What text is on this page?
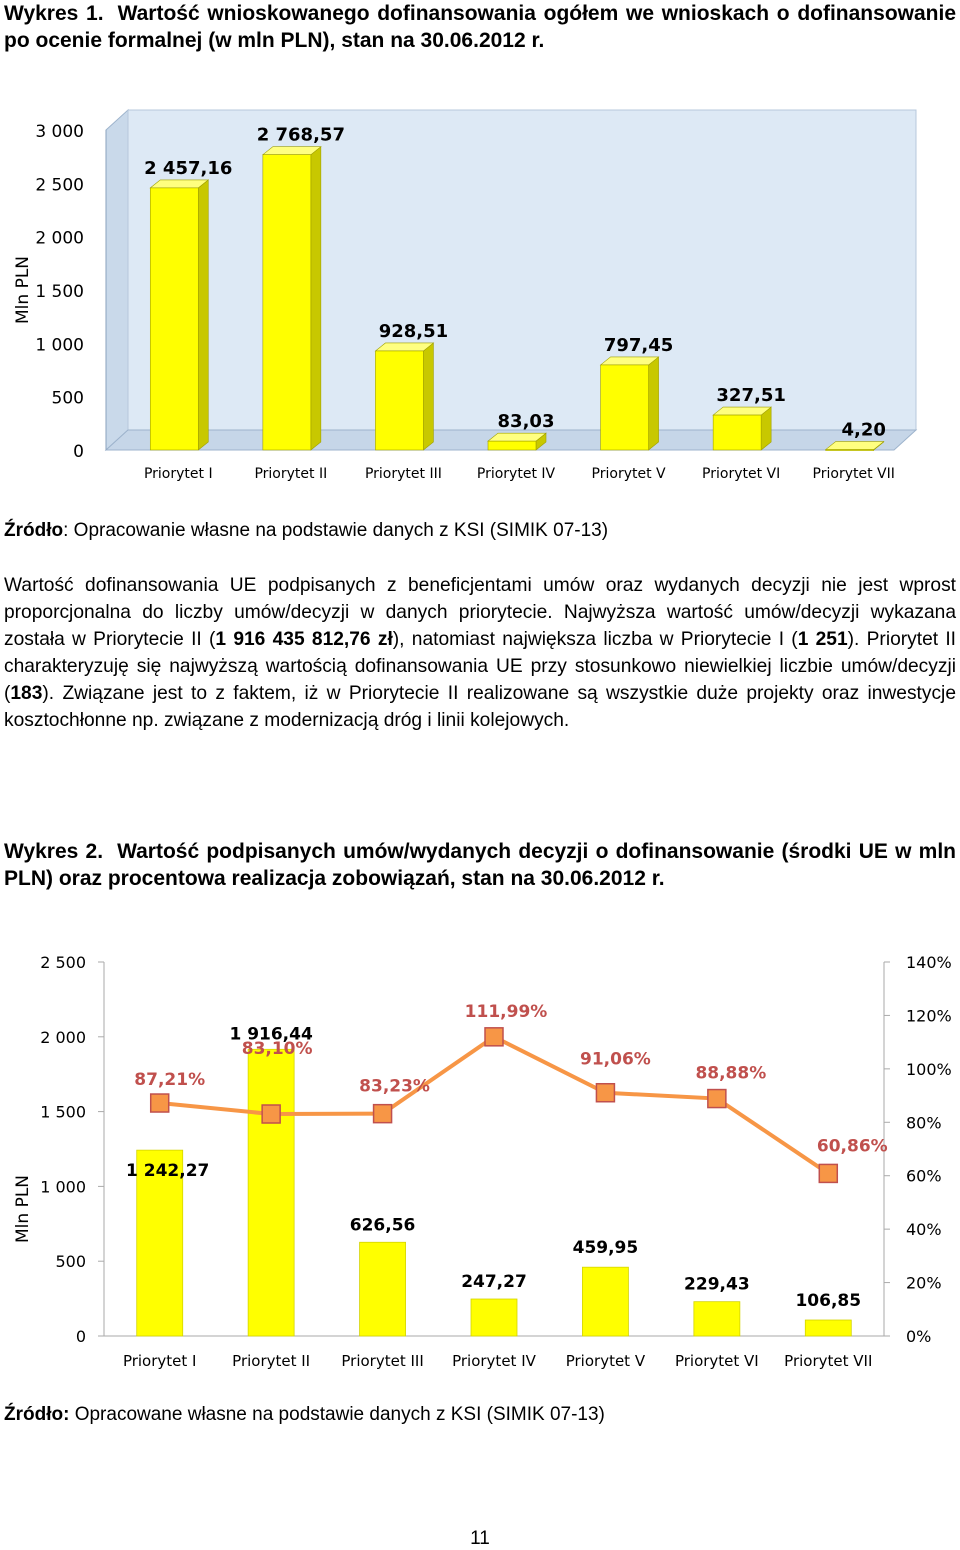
Wykres 1. Wartość wnioskowanego dofinansowania ogółem we wnioskach o dofinansowanie po ocenie formalnej (w mln PLN), stan na 30.06.2012 r.
0
500
1 000
1 500
2 000
2 500
3 000
Mln PLN
2 457,16
Priorytet I
2 768,57
Priorytet II
928,51
Priorytet III
83,03
Priorytet IV
797,45
Priorytet V
327,51
Priorytet VI
4,20
Priorytet VII
Źródło: Opracowanie własne na podstawie danych z KSI (SIMIK 07-13)
Wartość dofinansowania UE podpisanych z beneficjentami umów oraz wydanych decyzji nie jest wprost proporcjonalna do liczby umów/decyzji w danych priorytecie. Najwyższa wartość umów/decyzji wykazana została w Priorytecie II (1 916 435 812,76 zł), natomiast największa liczba w Priorytecie I (1 251). Priorytet II charakteryzuję się najwyższą wartością dofinansowania UE przy stosunkowo niewielkiej liczbie umów/decyzji (183). Związane jest to z faktem, iż w Priorytecie II realizowane są wszystkie duże projekty oraz inwestycje kosztochłonne np. związane z modernizacją dróg i linii kolejowych.
Wykres 2. Wartość podpisanych umów/wydanych decyzji o dofinansowanie (środki UE w mln PLN) oraz procentowa realizacja zobowiązań, stan na 30.06.2012 r.
0
500
1 000
1 500
2 000
2 500
0%
20%
40%
60%
80%
100%
120%
140%
Mln PLN
Priorytet I Priorytet II Priorytet III Priorytet IV Priorytet V Priorytet VI Priorytet VII
1 242,27
1 916,44
626,56
247,27
459,95
229,43
106,85
87,21%
83,10%
83,23%
111,99%
91,06%
88,88%
60,86%
Źródło: Opracowane własne na podstawie danych z KSI (SIMIK 07-13)
11
